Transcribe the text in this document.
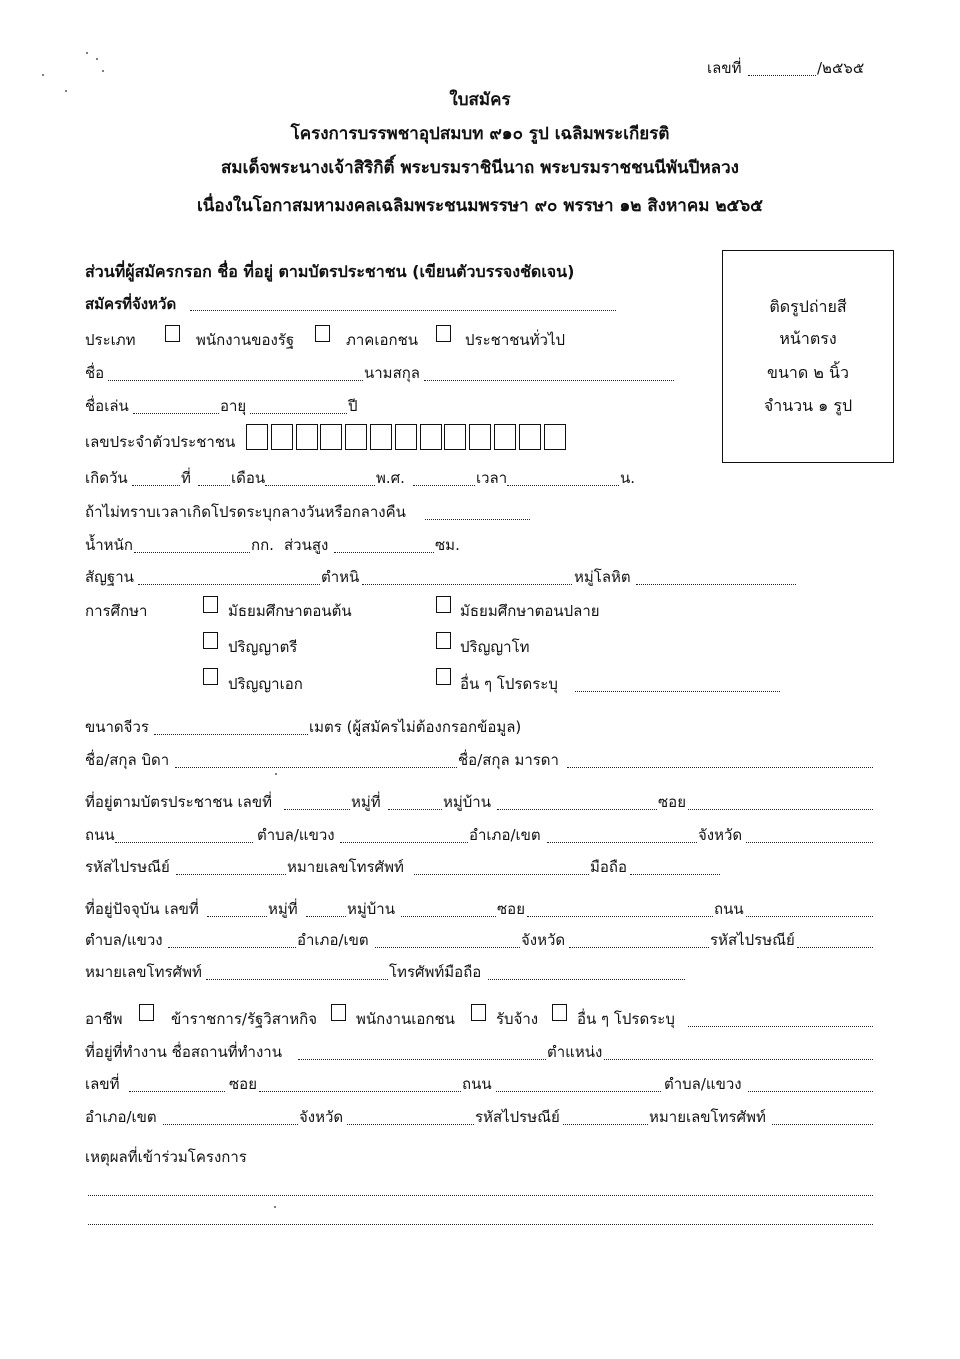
เลขที่	/๒๕๖๕
ใบสมัคร
โครงการบรรพชาอุปสมบท ๙๑๐ รูป เฉลิมพระเกียรติ
สมเด็จพระนางเจ้าสิริกิติ์ พระบรมราชินีนาถ พระบรมราชชนนีพันปีหลวง
เนื่องในโอกาสมหามงคลเฉลิมพระชนมพรรษา ๙๐ พรรษา ๑๒ สิงหาคม ๒๕๖๕
ติดรูปถ่ายสี
หน้าตรง
ขนาด ๒ นิ้ว
จำนวน ๑ รูป
ส่วนที่ผู้สมัครกรอก ชื่อ ที่อยู่ ตามบัตรประชาชน (เขียนตัวบรรจงชัดเจน)
สมัครที่จังหวัด
ประเภท	พนักงานของรัฐ	ภาคเอกชน	ประชาชนทั่วไป
ชื่อ	นามสกุล
ชื่อเล่น	อายุ	ปี
เลขประจำตัวประชาชน
เกิดวัน	ที่	เดือน	พ.ศ.	เวลา	น.
ถ้าไม่ทราบเวลาเกิดโปรดระบุกลางวันหรือกลางคืน
น้ำหนัก	กก. ส่วนสูง	ซม.
สัญฐาน	ตำหนิ	หมู่โลหิต
การศึกษา	มัธยมศึกษาตอนต้น	มัธยมศึกษาตอนปลาย
ปริญญาตรี	ปริญญาโท
ปริญญาเอก	อื่น ๆ โปรดระบุ
ขนาดจีวร	เมตร (ผู้สมัครไม่ต้องกรอกข้อมูล)
ชื่อ/สกุล บิดา	ชื่อ/สกุล มารดา
ที่อยู่ตามบัตรประชาชน เลขที่	หมู่ที่	หมู่บ้าน	ซอย
ถนน	ตำบล/แขวง	อำเภอ/เขต	จังหวัด
รหัสไปรษณีย์	หมายเลขโทรศัพท์	มือถือ
ที่อยู่ปัจจุบัน เลขที่	หมู่ที่	หมู่บ้าน	ซอย	ถนน
ตำบล/แขวง	อำเภอ/เขต	จังหวัด	รหัสไปรษณีย์
หมายเลขโทรศัพท์	โทรศัพท์มือถือ
อาชีพ	ข้าราชการ/รัฐวิสาหกิจ	พนักงานเอกชน	รับจ้าง	อื่น ๆ โปรดระบุ
ที่อยู่ที่ทำงาน ชื่อสถานที่ทำงาน	ตำแหน่ง
เลขที่	ซอย	ถนน	ตำบล/แขวง
อำเภอ/เขต	จังหวัด	รหัสไปรษณีย์	หมายเลขโทรศัพท์
เหตุผลที่เข้าร่วมโครงการ
